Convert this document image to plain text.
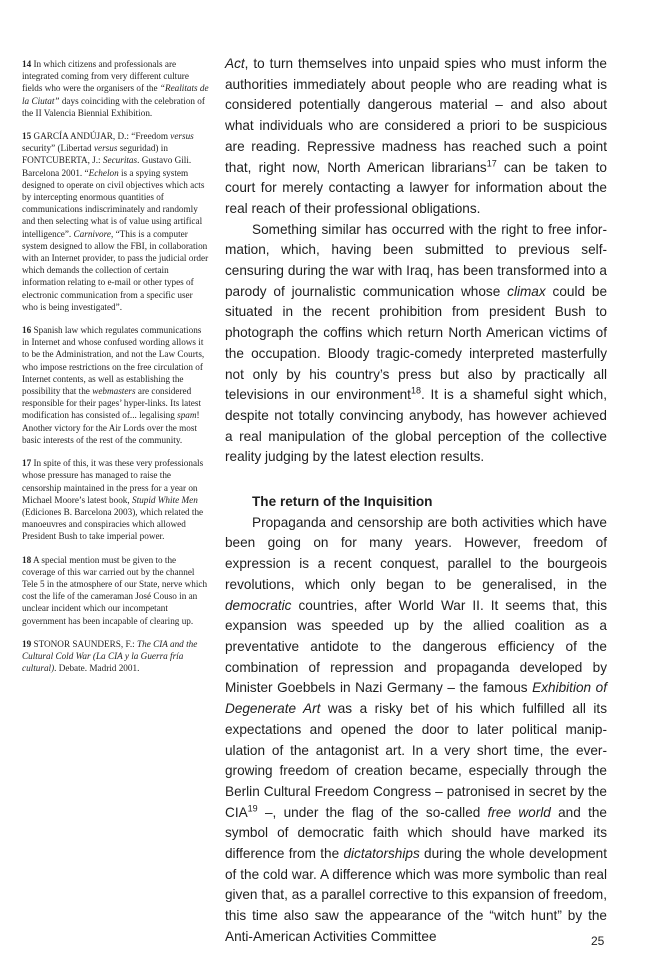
14 In which citizens and professionals are integrated coming from very different culture fields who were the organisers of the “Realitats de la Ciutat” days coinciding with the celebration of the II Valencia Biennial Exhibition.

15 GARCÍA ANDÚJAR, D.: “Freedom versus security” (Libertad versus seguridad) in FONTCUBERTA, J.: Securitas. Gustavo Gili. Barcelona 2001. “Echelon is a spying system designed to operate on civil objectives which acts by intercepting enormous quantities of communications indiscriminately and randomly and then selecting what is of value using artifical intelligence”. Carnivore, “This is a computer system designed to allow the FBI, in collaboration with an Internet provider, to pass the judicial order which demands the collection of certain information relating to e-mail or other types of electronic communication from a specific user who is being investigated”.

16 Spanish law which regulates communications in Internet and whose confused wording allows it to be the Administration, and not the Law Courts, who impose restrictions on the free circulation of Internet contents, as well as establishing the possibility that the webmasters are considered responsible for their pages’ hyper-links. Its latest modification has consisted of... legalising spam! Another victory for the Air Lords over the most basic interests of the rest of the community.

17 In spite of this, it was these very professionals whose pressure has managed to raise the censorship maintained in the press for a year on Michael Moore’s latest book, Stupid White Men (Ediciones B. Barcelona 2003), which related the manoeuvres and conspiracies which allowed President Bush to take imperial power.

18 A special mention must be given to the coverage of this war carried out by the channel Tele 5 in the atmosphere of our State, nerve which cost the life of the cameraman José Couso in an unclear incident which our incompetant government has been incapable of clearing up.

19 STONOR SAUNDERS, F.: The CIA and the Cultural Cold War (La CIA y la Guerra fría cultural). Debate. Madrid 2001.

Act, to turn themselves into unpaid spies who must inform the authorities immediately about people who are reading what is considered potentially dangerous material – and also about what individuals who are considered a priori to be suspicious are reading. Repressive madness has reached such a point that, right now, North American librarians$^{17}$ can be taken to court for merely contacting a lawyer for information about the real reach of their professional obligations.

Something similar has occurred with the right to free infor-mation, which, having been submitted to previous self-censuring during the war with Iraq, has been transformed into a parody of journalistic communication whose climax could be situated in the recent prohibition from president Bush to photograph the coffins which return North American victims of the occupation. Bloody tragic-comedy interpreted masterfully not only by his country’s press but also by practically all televisions in our environment$^{18}$. It is a shameful sight which, despite not totally convincing anybody, has however achieved a real manipulation of the global perception of the collective reality judging by the latest election results.

The return of the Inquisition

Propaganda and censorship are both activities which have been going on for many years. However, freedom of expression is a recent conquest, parallel to the bourgeois revolutions, which only began to be generalised, in the democratic countries, after World War II. It seems that, this expansion was speeded up by the allied coalition as a preventative antidote to the dangerous efficiency of the combination of repression and propaganda developed by Minister Goebbels in Nazi Germany – the famous Exhibition of Degenerate Art was a risky bet of his which fulfilled all its expectations and opened the door to later political manip-ulation of the antagonist art. In a very short time, the ever-growing freedom of creation became, especially through the Berlin Cultural Freedom Congress – patronised in secret by the CIA$^{19}$ –, under the flag of the so-called free world and the symbol of democratic faith which should have marked its difference from the dictatorships during the whole development of the cold war. A difference which was more symbolic than real given that, as a parallel corrective to this expansion of freedom, this time also saw the appearance of the “witch hunt” by the Anti-American Activities Committee	25
